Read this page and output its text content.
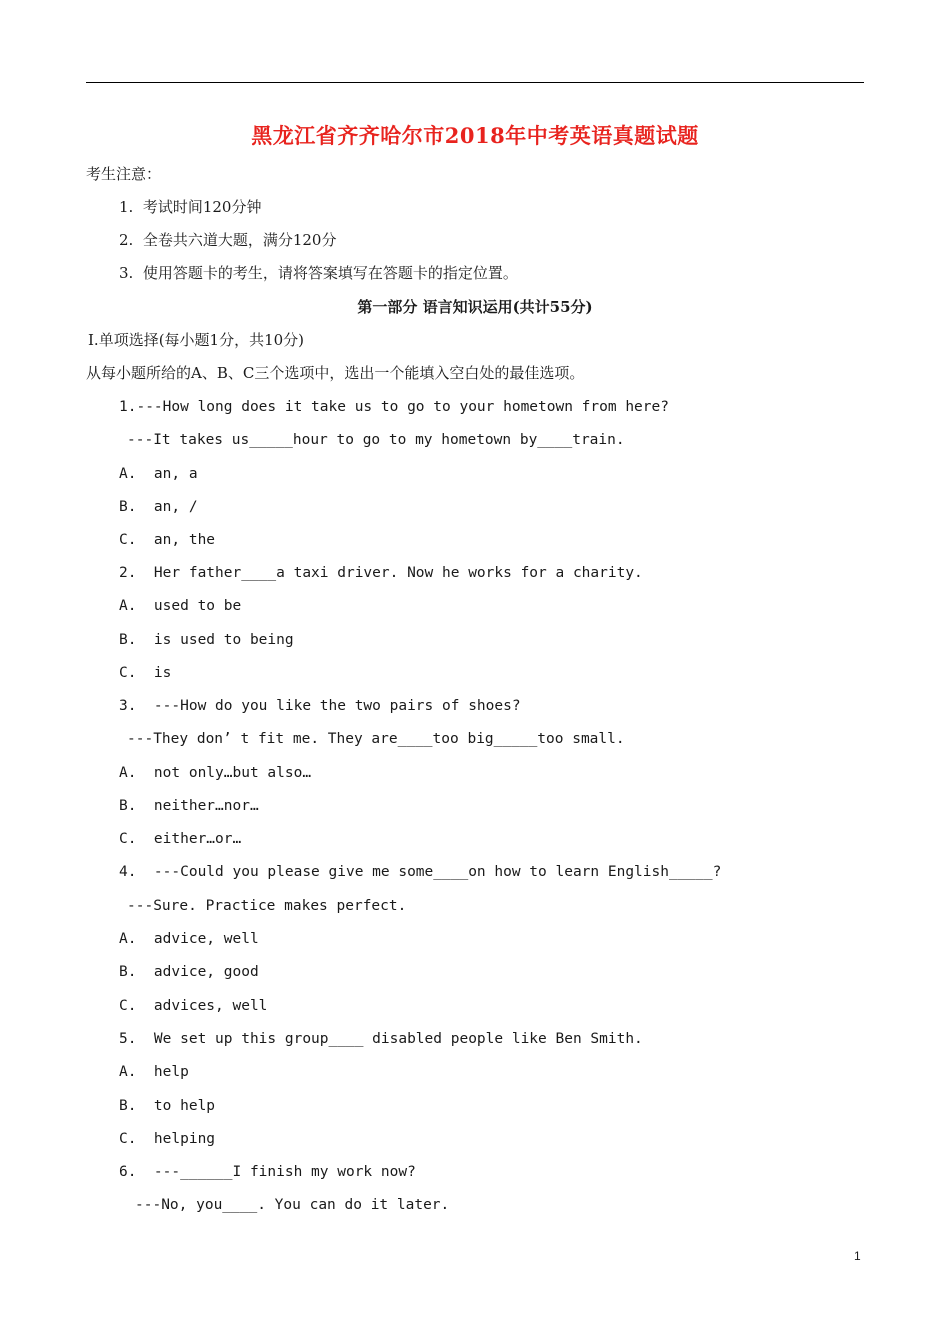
黑龙江省齐齐哈尔市2018年中考英语真题试题
考生注意：
1.  考试时间120分钟
2.  全卷共六道大题，满分120分
3.  使用答题卡的考生，请将答案填写在答题卡的指定位置。
第一部分 语言知识运用(共计55分)
Ⅰ.单项选择(每小题1分，共10分)
从每小题所给的A、B、C三个选项中，选出一个能填入空白处的最佳选项。
1.---How long does it take us to go to your hometown from here?
---It takes us_____hour to go to my hometown by____train.
A.  an, a
B.  an, /
C.  an, the
2.  Her father____a taxi driver. Now he works for a charity.
A.  used to be
B.  is used to being
C.  is
3.  ---How do you like the two pairs of shoes?
---They don’ t fit me. They are____too big_____too small.
A.  not only…but also…
B.  neither…nor…
C.  either…or…
4.  ---Could you please give me some____on how to learn English_____?
---Sure. Practice makes perfect.
A.  advice, well
B.  advice, good
C.  advices, well
5.  We set up this group____ disabled people like Ben Smith.
A.  help
B.  to help
C.  helping
6.  ---______I finish my work now?
---No, you____. You can do it later.
1
